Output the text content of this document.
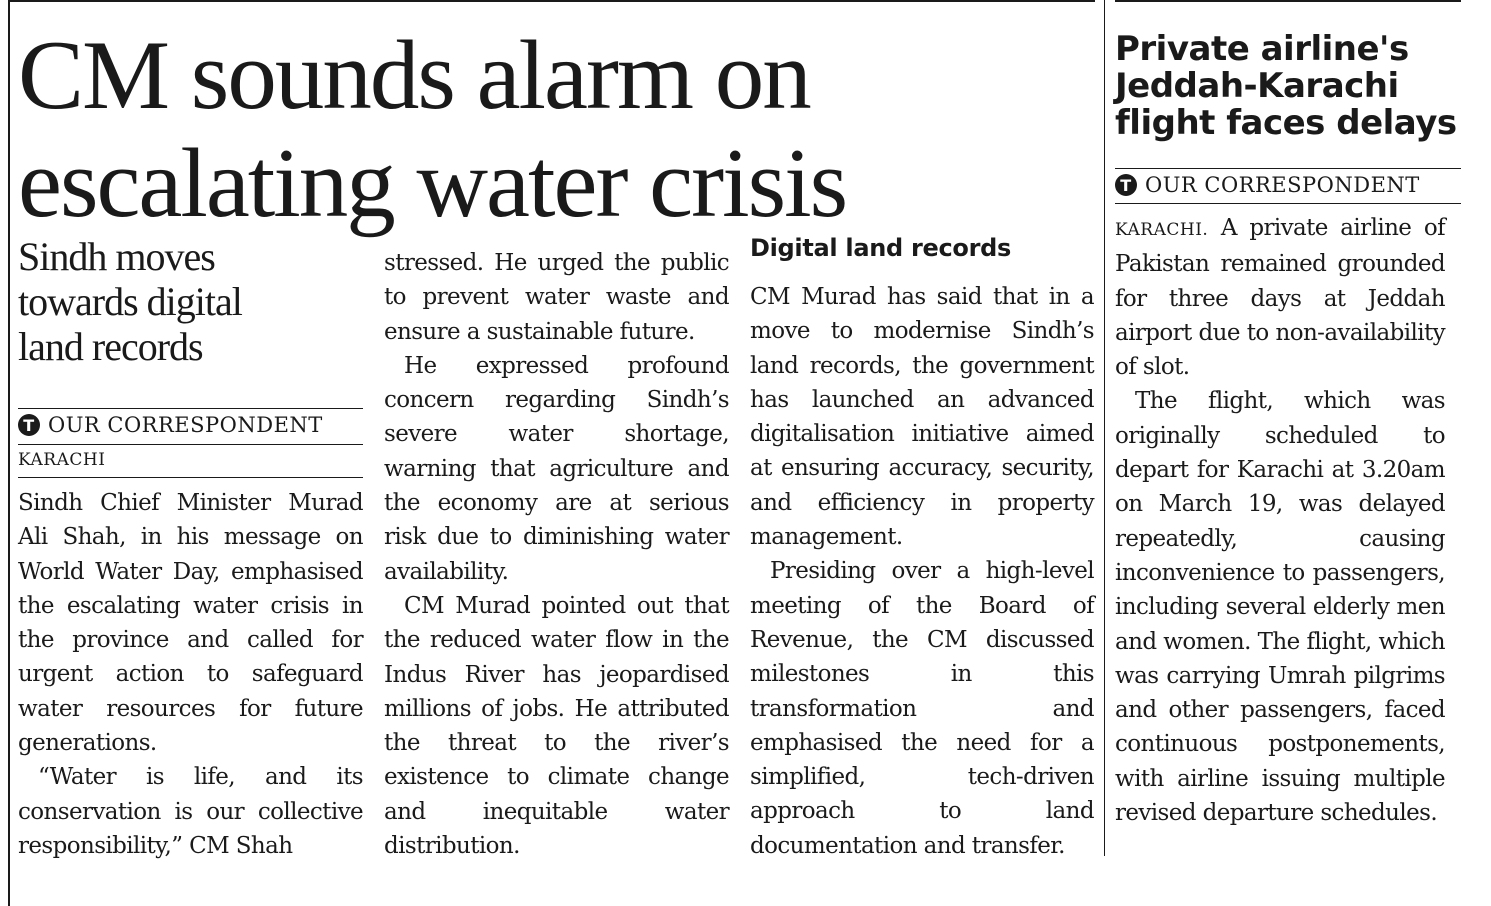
CM sounds alarm on
escalating water crisis
Sindh moves
towards digital
land records
T OUR CORRESPONDENT
KARACHI

Sindh Chief Minister Murad Ali Shah, in his message on World Water Day, emphasised the escalating water crisis in the province and called for urgent action to safeguard water resources for future generations.

“Water is life, and its conservation is our collective responsibility,” CM Shah

stressed. He urged the public to prevent water waste and ensure a sustainable future.

He expressed profound concern regarding Sindh’s severe water shortage, warning that agriculture and the economy are at serious risk due to diminishing water availability.

CM Murad pointed out that the reduced water flow in the Indus River has jeopardised millions of jobs. He attributed the threat to the river’s existence to climate change and inequitable water distribution.

Digital land records

CM Murad has said that in a move to modernise Sindh’s land records, the government has launched an advanced digitalisation initiative aimed at ensuring accuracy, security, and efficiency in property management.

Presiding over a high-level meeting of the Board of Revenue, the CM discussed milestones in this transformation and emphasised the need for a simplified, tech-driven approach to land documentation and transfer.

Private airline's
Jeddah-Karachi
flight faces delays
T OUR CORRESPONDENT

KARACHI. A private airline of Pakistan remained grounded for three days at Jeddah airport due to non-availability of slot.

The flight, which was originally scheduled to depart for Karachi at 3.20am on March 19, was delayed repeatedly, causing inconvenience to passengers, including several elderly men and women. The flight, which was carrying Umrah pilgrims and other passengers, faced continuous postponements, with airline issuing multiple revised departure schedules.
